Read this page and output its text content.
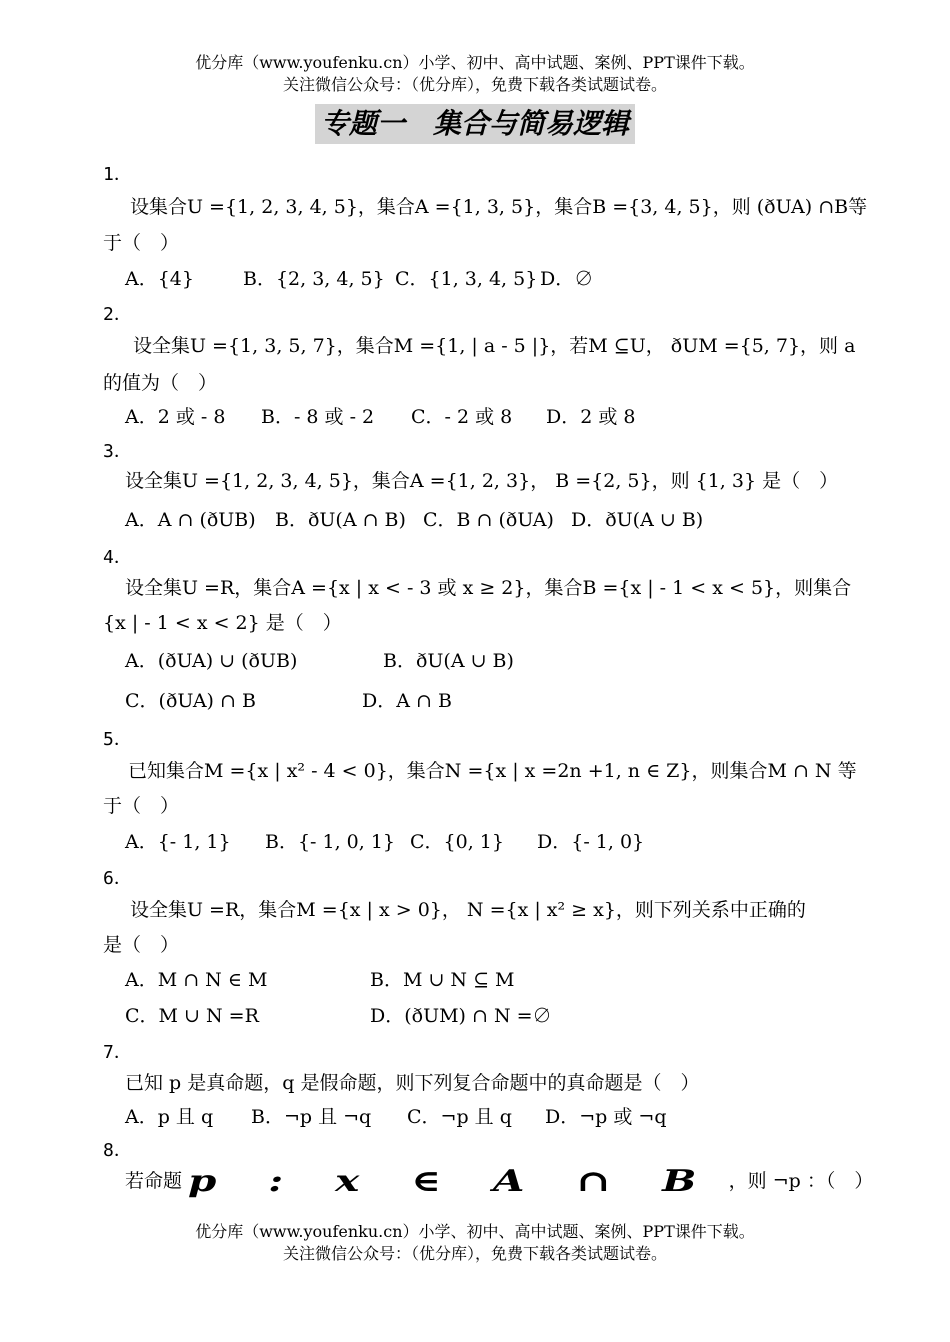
优分库（www.youfenku.cn）小学、初中、高中试题、案例、PPT课件下载。
关注微信公众号：（优分库），免费下载各类试题试卷。
专题一　集合与简易逻辑
1．
设集合U ={1, 2, 3, 4, 5}，集合A ={1, 3, 5}，集合B ={3, 4, 5}，则 (ðUA) ∩B等
于（　）
A．{4}	B．{2, 3, 4, 5} C．{1, 3, 4, 5} D．∅
2．
设全集U ={1, 3, 5, 7}，集合M ={1, | a - 5 |}，若M ⊆U， ðUM ={5, 7}，则 a
的值为（　）
A．2 或 - 8 B．- 8 或 - 2 C．- 2 或 8 D．2 或 8
3．
设全集U ={1, 2, 3, 4, 5}，集合A ={1, 2, 3}， B ={2, 5}，则 {1, 3} 是（　）
A．A ∩ (ðUB) B．ðU(A ∩ B) C．B ∩ (ðUA) D．ðU(A ∪ B)
4．
设全集U =R，集合A ={x | x < - 3 或 x ≥ 2}，集合B ={x | - 1 < x < 5}，则集合
{x | - 1 < x < 2} 是（　）
A．(ðUA) ∪ (ðUB)	B．ðU(A ∪ B)
C．(ðUA) ∩ B	D．A ∩ B
5．
已知集合M ={x | x² - 4 < 0}，集合N ={x | x =2n +1, n ∈ Z}，则集合M ∩ N 等
于（　）
A．{- 1, 1} B．{- 1, 0, 1} C．{0, 1} D．{- 1, 0}
6．
设全集U =R，集合M ={x | x > 0}， N ={x | x² ≥ x}，则下列关系中正确的
是（　）
A．M ∩ N ∈ M	B．M ∪ N ⊆ M
C．M ∪ N =R	D．(ðUM) ∩ N =∅
7．
已知 p 是真命题，q 是假命题，则下列复合命题中的真命题是（　）
A．p 且 q B．¬p 且 ¬q C．¬p 且 q D．¬p 或 ¬q
8．
若命题 p : x ∈ A ∩ B ，则 ¬p ：（　）
优分库（www.youfenku.cn）小学、初中、高中试题、案例、PPT课件下载。
关注微信公众号：（优分库），免费下载各类试题试卷。
